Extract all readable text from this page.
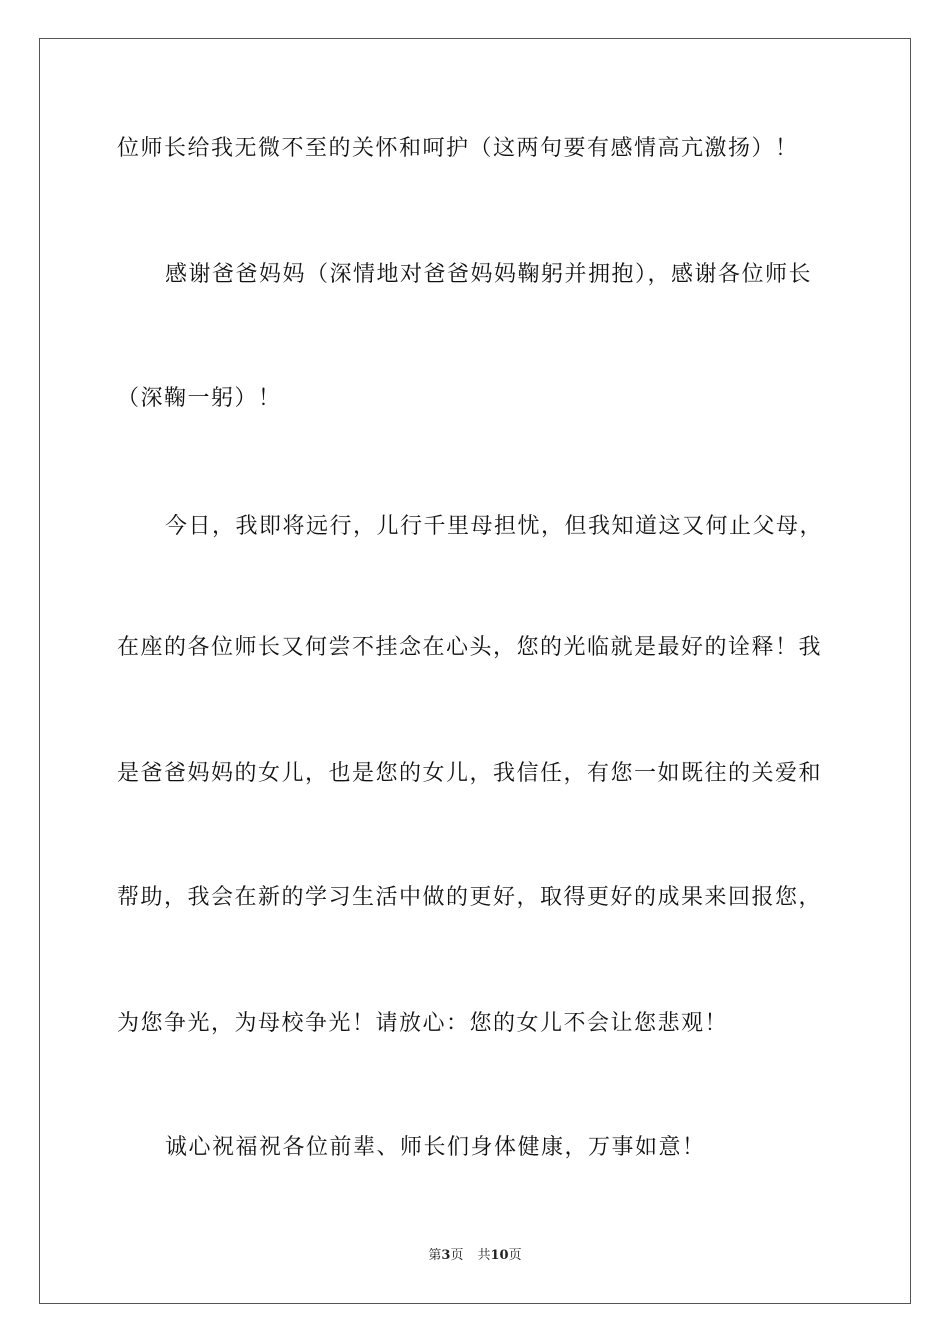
位师长给我无微不至的关怀和呵护（这两句要有感情高亢激扬）！
感谢爸爸妈妈（深情地对爸爸妈妈鞠躬并拥抱），感谢各位师长
（深鞠一躬）！
今日，我即将远行，儿行千里母担忧，但我知道这又何止父母，
在座的各位师长又何尝不挂念在心头，您的光临就是最好的诠释！我
是爸爸妈妈的女儿，也是您的女儿，我信任，有您一如既往的关爱和
帮助，我会在新的学习生活中做的更好，取得更好的成果来回报您，
为您争光，为母校争光！请放心：您的女儿不会让您悲观！
诚心祝福祝各位前辈、师长们身体健康，万事如意！
第3页 共10页
